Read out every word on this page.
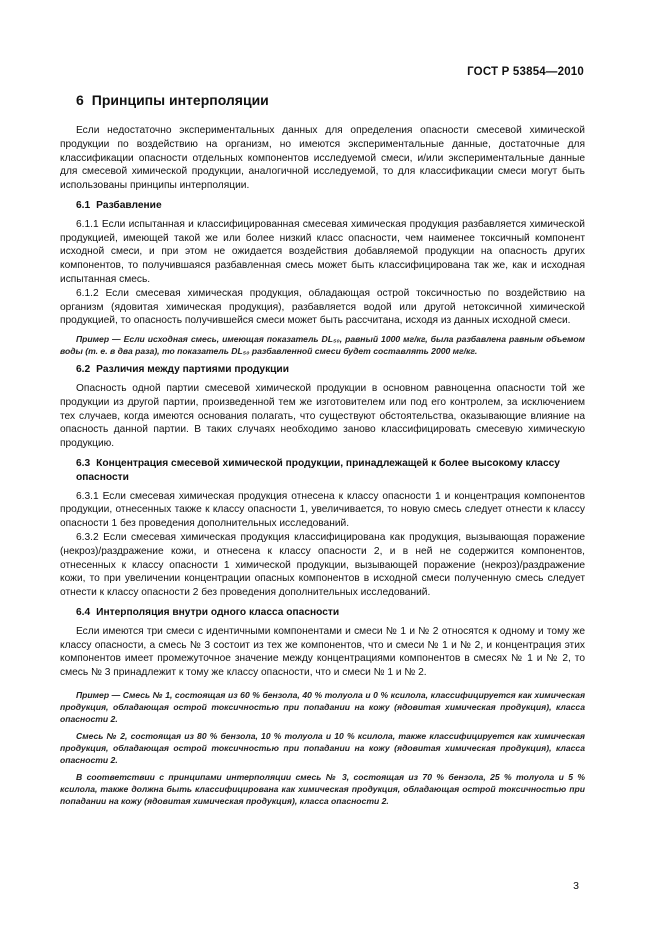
ГОСТ Р 53854—2010
6 Принципы интерполяции

Если недостаточно экспериментальных данных для определения опасности смесевой химической продукции по воздействию на организм, но имеются экспериментальные данные, достаточные для классификации опасности отдельных компонентов исследуемой смеси, и/или экспериментальные данные для смесевой химической продукции, аналогичной исследуемой, то для классификации смеси могут быть использованы принципы интерполяции.

6.1 Разбавление

6.1.1 Если испытанная и классифицированная смесевая химическая продукция разбавляется химической продукцией, имеющей такой же или более низкий класс опасности, чем наименее токсичный компонент исходной смеси, и при этом не ожидается воздействия добавляемой продукции на опасность других компонентов, то получившаяся разбавленная смесь может быть классифицирована так же, как и исходная испытанная смесь.

6.1.2 Если смесевая химическая продукция, обладающая острой токсичностью по воздействию на организм (ядовитая химическая продукция), разбавляется водой или другой нетоксичной химической продукцией, то опасность получившейся смеси может быть рассчитана, исходя из данных исходной смеси.

Пример — Если исходная смесь, имеющая показатель DL₅₀, равный 1000 мг/кг, была разбавлена равным объемом воды (т. е. в два раза), то показатель DL₅₀ разбавленной смеси будет составлять 2000 мг/кг.
6.2 Различия между партиями продукции

Опасность одной партии смесевой химической продукции в основном равноценна опасности той же продукции из другой партии, произведенной тем же изготовителем или под его контролем, за исключением тех случаев, когда имеются основания полагать, что существуют обстоятельства, оказывающие влияние на опасность данной партии. В таких случаях необходимо заново классифицировать смесевую химическую продукцию.

6.3 Концентрация смесевой химической продукции, принадлежащей к более высокому классу опасности

6.3.1 Если смесевая химическая продукция отнесена к классу опасности 1 и концентрация компонентов продукции, отнесенных также к классу опасности 1, увеличивается, то новую смесь следует отнести к классу опасности 1 без проведения дополнительных исследований.

6.3.2 Если смесевая химическая продукция классифицирована как продукция, вызывающая поражение (некроз)/раздражение кожи, и отнесена к классу опасности 2, и в ней не содержится компонентов, отнесенных к классу опасности 1 химической продукции, вызывающей поражение (некроз)/раздражение кожи, то при увеличении концентрации опасных компонентов в исходной смеси полученную смесь следует отнести к классу опасности 2 без проведения дополнительных исследований.

6.4 Интерполяция внутри одного класса опасности

Если имеются три смеси с идентичными компонентами и смеси № 1 и № 2 относятся к одному и тому же классу опасности, а смесь № 3 состоит из тех же компонентов, что и смеси № 1 и № 2, и концентрация этих компонентов имеет промежуточное значение между концентрациями компонентов в смесях № 1 и № 2, то смесь № 3 принадлежит к тому же классу опасности, что и смеси № 1 и № 2.

Пример — Смесь № 1, состоящая из 60 % бензола, 40 % толуола и 0 % ксилола, классифицируется как химическая продукция, обладающая острой токсичностью при попадании на кожу (ядовитая химическая продукция), класса опасности 2.
Смесь № 2, состоящая из 80 % бензола, 10 % толуола и 10 % ксилола, также классифицируется как химическая продукция, обладающая острой токсичностью при попадании на кожу (ядовитая химическая продукция), класса опасности 2.
В соответствии с принципами интерполяции смесь № 3, состоящая из 70 % бензола, 25 % толуола и 5 % ксилола, также должна быть классифицирована как химическая продукция, обладающая острой токсичностью при попадании на кожу (ядовитая химическая продукция), класса опасности 2.
3
